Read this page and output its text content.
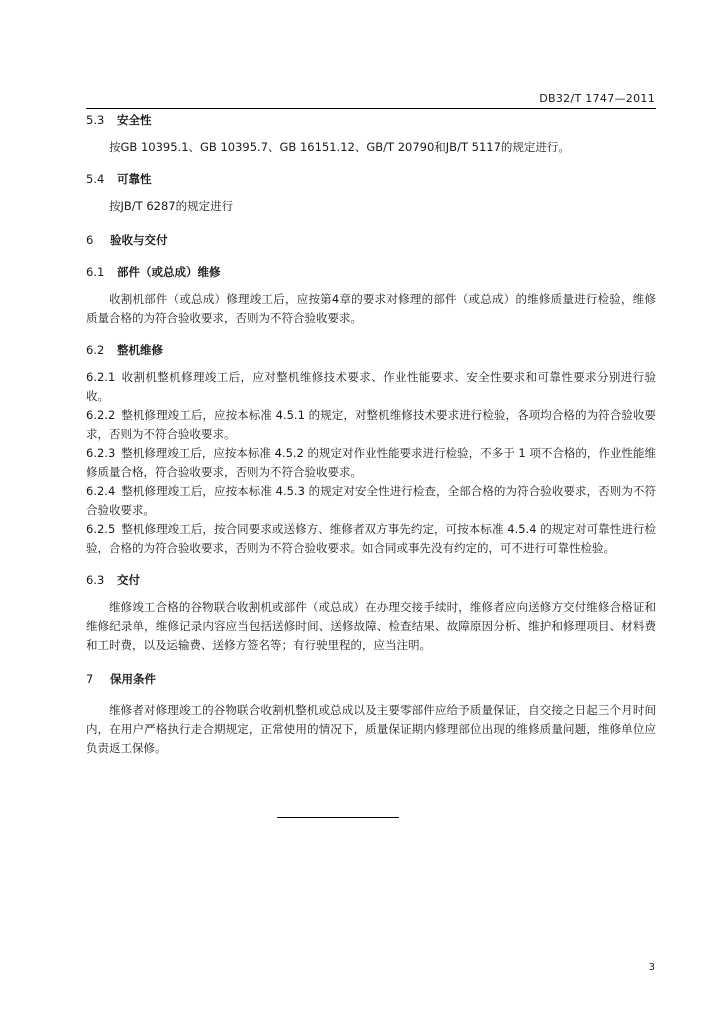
DB32/T 1747—2011
5.3 安全性
按GB 10395.1、GB 10395.7、GB 16151.12、GB/T 20790和JB/T 5117的规定进行。
5.4 可靠性
按JB/T 6287的规定进行
6 验收与交付
6.1 部件（或总成）维修
收割机部件（或总成）修理竣工后，应按第4章的要求对修理的部件（或总成）的维修质量进行检验，维修质量合格的为符合验收要求，否则为不符合验收要求。
6.2 整机维修
6.2.1 收割机整机修理竣工后，应对整机维修技术要求、作业性能要求、安全性要求和可靠性要求分别进行验收。
6.2.2 整机修理竣工后，应按本标准 4.5.1 的规定，对整机维修技术要求进行检验，各项均合格的为符合验收要求，否则为不符合验收要求。
6.2.3 整机修理竣工后，应按本标准 4.5.2 的规定对作业性能要求进行检验，不多于 1 项不合格的，作业性能维修质量合格，符合验收要求，否则为不符合验收要求。
6.2.4 整机修理竣工后，应按本标准 4.5.3 的规定对安全性进行检查，全部合格的为符合验收要求，否则为不符合验收要求。
6.2.5 整机修理竣工后，按合同要求或送修方、维修者双方事先约定，可按本标准 4.5.4 的规定对可靠性进行检验，合格的为符合验收要求，否则为不符合验收要求。如合同或事先没有约定的，可不进行可靠性检验。
6.3 交付
维修竣工合格的谷物联合收割机或部件（或总成）在办理交接手续时，维修者应向送修方交付维修合格证和维修纪录单，维修记录内容应当包括送修时间、送修故障、检查结果、故障原因分析、维护和修理项目、材料费和工时费，以及运输费、送修方签名等；有行驶里程的，应当注明。
7 保用条件
维修者对修理竣工的谷物联合收割机整机或总成以及主要零部件应给予质量保证，自交接之日起三个月时间内，在用户严格执行走合期规定，正常使用的情况下，质量保证期内修理部位出现的维修质量问题，维修单位应负责返工保修。
3
